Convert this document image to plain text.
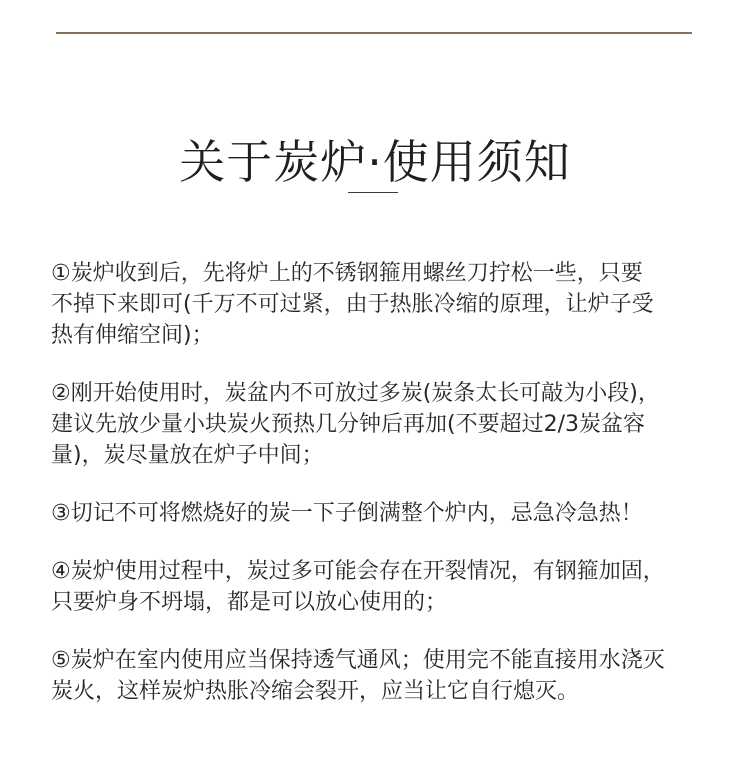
关于炭炉·使用须知
①炭炉收到后，先将炉上的不锈钢箍用螺丝刀拧松一些，只要
不掉下来即可(千万不可过紧，由于热胀冷缩的原理，让炉子受
热有伸缩空间)；
②刚开始使用时，炭盆内不可放过多炭(炭条太长可敲为小段)，
建议先放少量小块炭火预热几分钟后再加(不要超过2/3炭盆容
量)，炭尽量放在炉子中间；
③切记不可将燃烧好的炭一下子倒满整个炉内，忌急冷急热！
④炭炉使用过程中，炭过多可能会存在开裂情况，有钢箍加固，
只要炉身不坍塌，都是可以放心使用的；
⑤炭炉在室内使用应当保持透气通风；使用完不能直接用水浇灭
炭火，这样炭炉热胀冷缩会裂开，应当让它自行熄灭。
